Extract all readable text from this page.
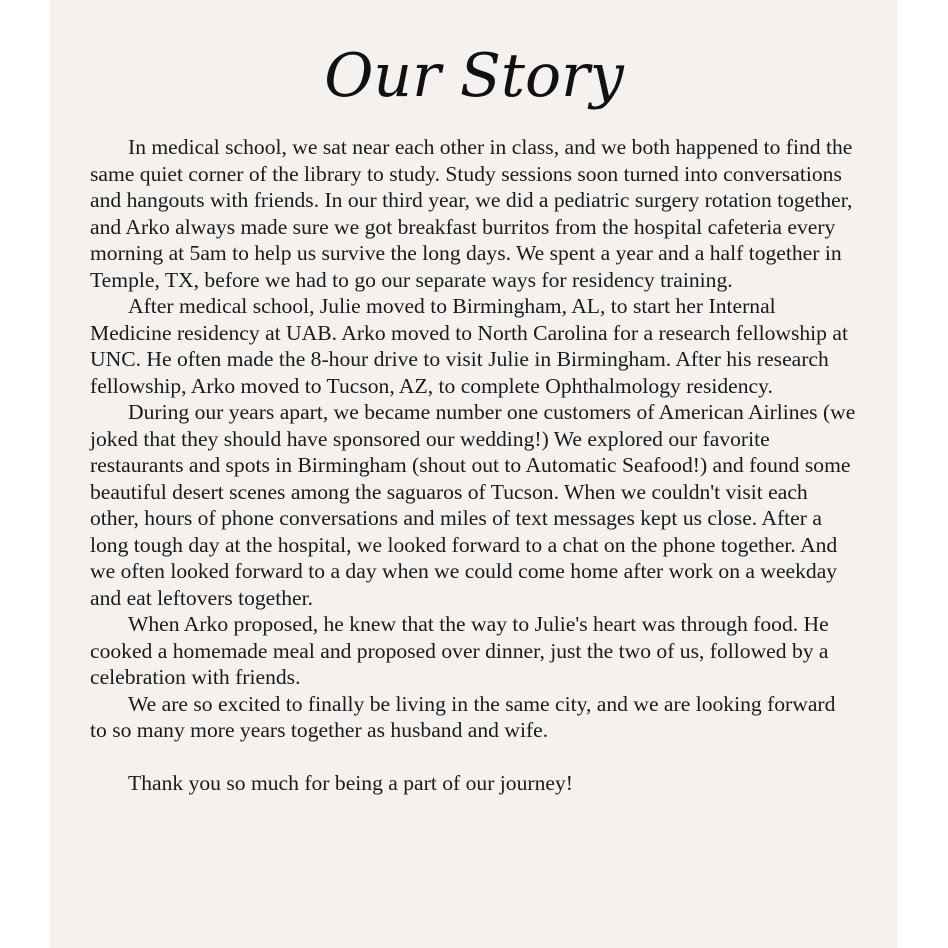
Our Story

In medical school, we sat near each other in class, and we both happened to find the same quiet corner of the library to study. Study sessions soon turned into conversations and hangouts with friends. In our third year, we did a pediatric surgery rotation together, and Arko always made sure we got breakfast burritos from the hospital cafeteria every morning at 5am to help us survive the long days. We spent a year and a half together in Temple, TX, before we had to go our separate ways for residency training.

After medical school, Julie moved to Birmingham, AL, to start her Internal Medicine residency at UAB. Arko moved to North Carolina for a research fellowship at UNC. He often made the 8-hour drive to visit Julie in Birmingham. After his research fellowship, Arko moved to Tucson, AZ, to complete Ophthalmology residency.

During our years apart, we became number one customers of American Airlines (we joked that they should have sponsored our wedding!) We explored our favorite restaurants and spots in Birmingham (shout out to Automatic Seafood!) and found some beautiful desert scenes among the saguaros of Tucson. When we couldn't visit each other, hours of phone conversations and miles of text messages kept us close. After a long tough day at the hospital, we looked forward to a chat on the phone together. And we often looked forward to a day when we could come home after work on a weekday and eat leftovers together.

When Arko proposed, he knew that the way to Julie's heart was through food. He cooked a homemade meal and proposed over dinner, just the two of us, followed by a celebration with friends.

We are so excited to finally be living in the same city, and we are looking forward to so many more years together as husband and wife.

Thank you so much for being a part of our journey!
